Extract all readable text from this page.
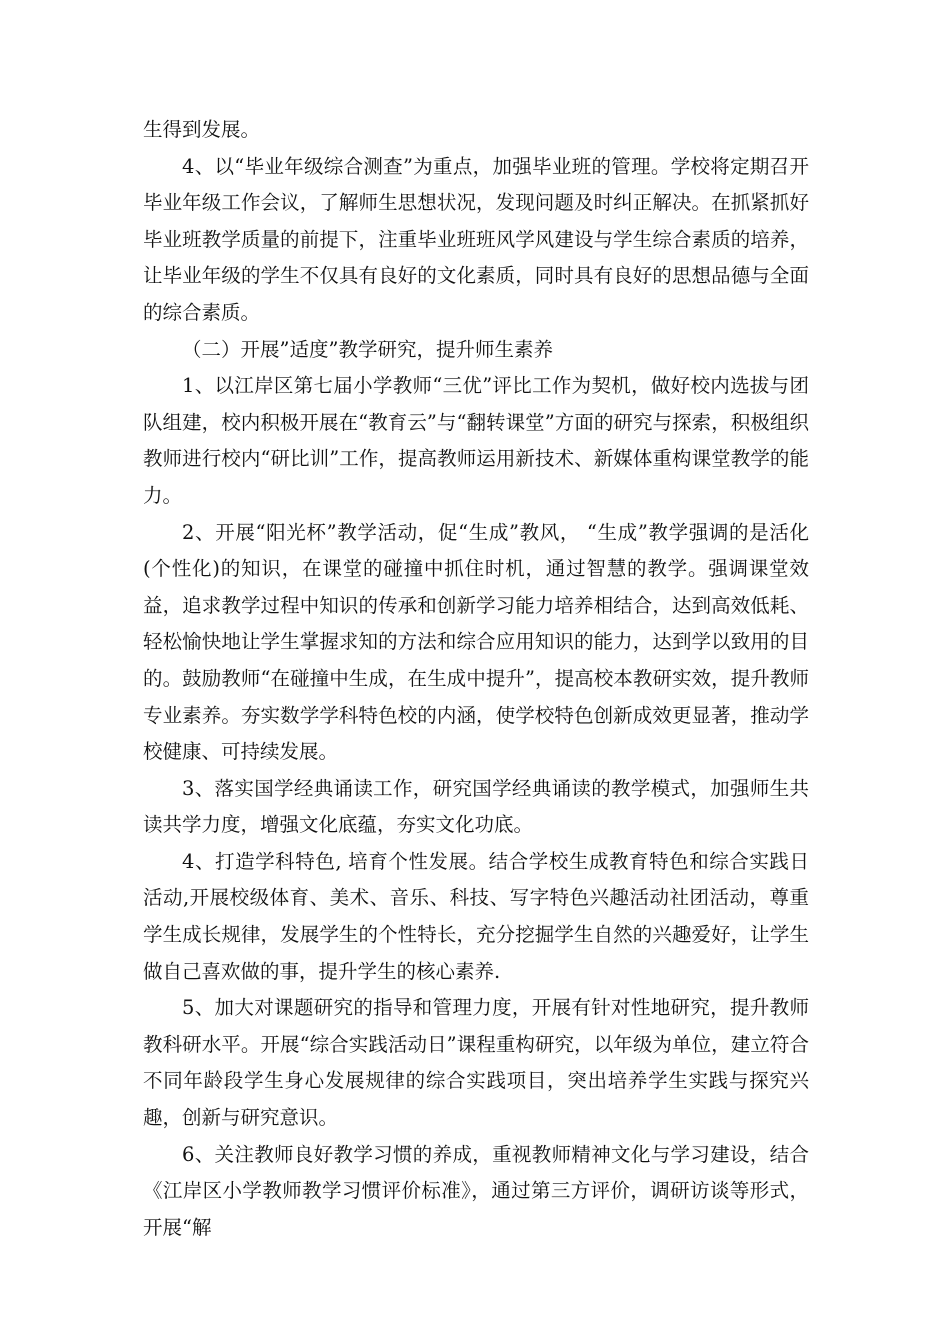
生得到发展。

4、以“毕业年级综合测查”为重点，加强毕业班的管理。学校将定期召开毕业年级工作会议，了解师生思想状况，发现问题及时纠正解决。在抓紧抓好毕业班教学质量的前提下，注重毕业班班风学风建设与学生综合素质的培养，让毕业年级的学生不仅具有良好的文化素质，同时具有良好的思想品德与全面的综合素质。

（二）开展”适度”教学研究，提升师生素养

1、以江岸区第七届小学教师“三优”评比工作为契机，做好校内选拔与团队组建，校内积极开展在“教育云”与“翻转课堂”方面的研究与探索，积极组织教师进行校内“研比训”工作，提高教师运用新技术、新媒体重构课堂教学的能力。

2、开展“阳光杯”教学活动，促“生成”教风， “生成”教学强调的是活化(个性化)的知识，在课堂的碰撞中抓住时机，通过智慧的教学。强调课堂效益，追求教学过程中知识的传承和创新学习能力培养相结合，达到高效低耗、轻松愉快地让学生掌握求知的方法和综合应用知识的能力，达到学以致用的目的。鼓励教师“在碰撞中生成，在生成中提升”，提高校本教研实效，提升教师专业素养。夯实数学学科特色校的内涵，使学校特色创新成效更显著，推动学校健康、可持续发展。

3、落实国学经典诵读工作，研究国学经典诵读的教学模式，加强师生共读共学力度，增强文化底蕴，夯实文化功底。

4、打造学科特色, 培育个性发展。结合学校生成教育特色和综合实践日活动,开展校级体育、美术、音乐、科技、写字特色兴趣活动社团活动，尊重学生成长规律，发展学生的个性特长，充分挖掘学生自然的兴趣爱好，让学生做自己喜欢做的事，提升学生的核心素养.

5、加大对课题研究的指导和管理力度，开展有针对性地研究，提升教师教科研水平。开展“综合实践活动日”课程重构研究，以年级为单位，建立符合不同年龄段学生身心发展规律的综合实践项目，突出培养学生实践与探究兴趣，创新与研究意识。

6、关注教师良好教学习惯的养成，重视教师精神文化与学习建设，结合《江岸区小学教师教学习惯评价标准》，通过第三方评价，调研访谈等形式，开展“解
